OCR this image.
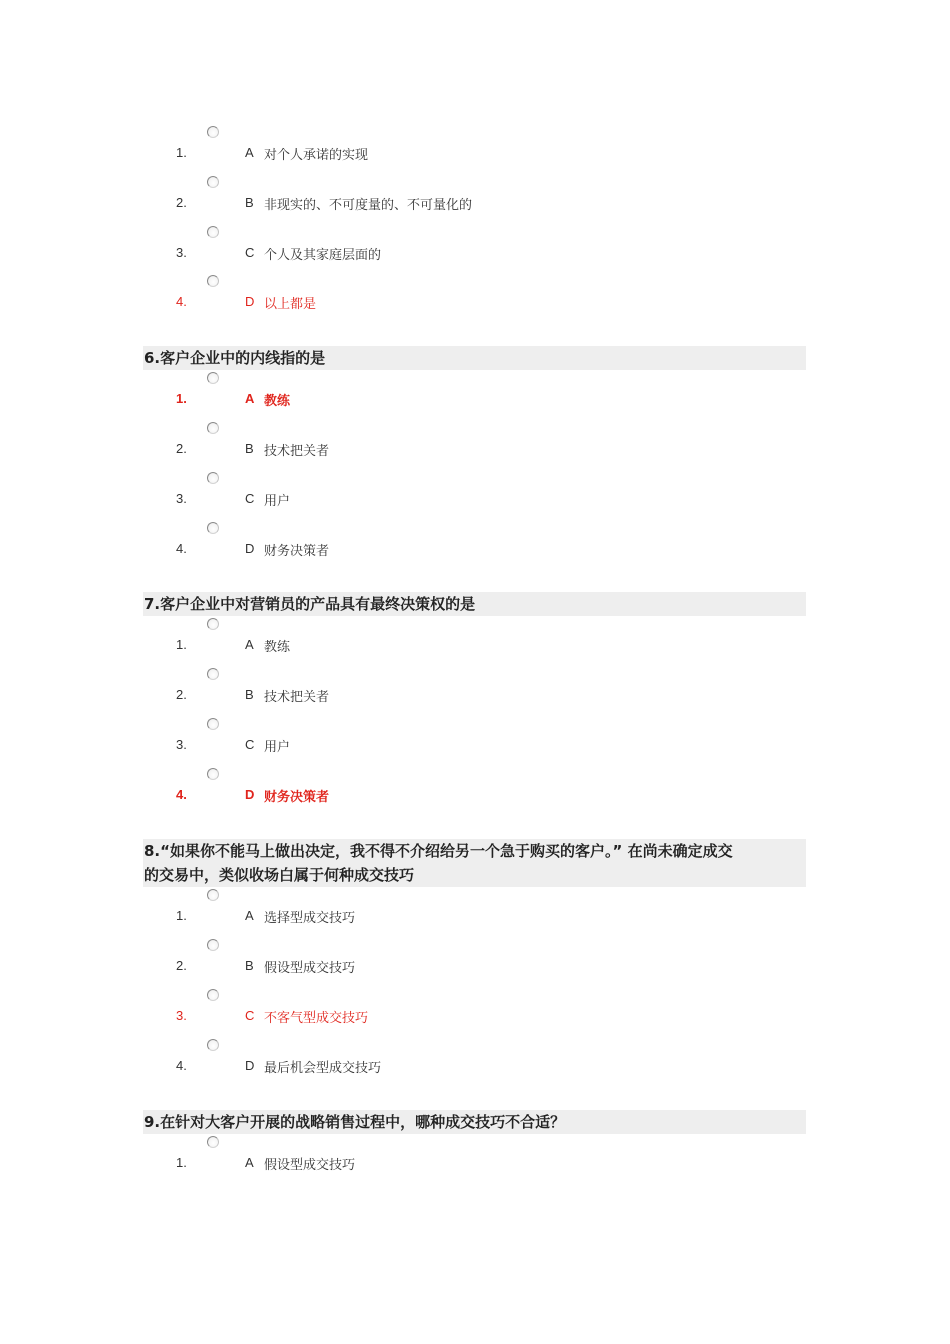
1.	A 对个人承诺的实现
2.	B 非现实的、不可度量的、不可量化的
3.	C 个人及其家庭层面的
4.	D 以上都是
6.客户企业中的内线指的是
1.	A 教练
2.	B 技术把关者
3.	C 用户
4.	D 财务决策者
7.客户企业中对营销员的产品具有最终决策权的是
1.	A 教练
2.	B 技术把关者
3.	C 用户
4.	D 财务决策者
8.“如果你不能马上做出决定，我不得不介绍给另一个急于购买的客户。” 在尚未确定成交
的交易中，类似收场白属于何种成交技巧
1.	A 选择型成交技巧
2.	B 假设型成交技巧
3.	C 不客气型成交技巧
4.	D 最后机会型成交技巧
9.在针对大客户开展的战略销售过程中，哪种成交技巧不合适？
1.	A 假设型成交技巧
